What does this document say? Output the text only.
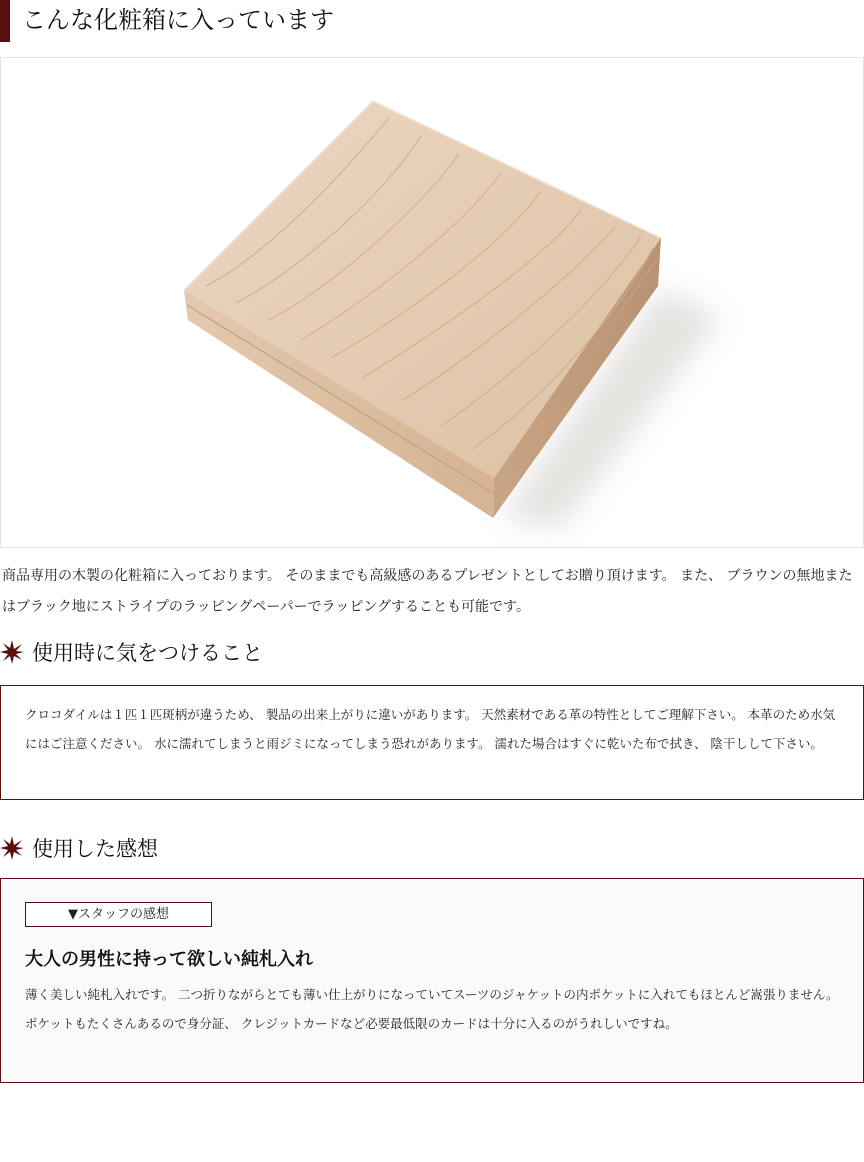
こんな化粧箱に入っています
商品専用の木製の化粧箱に入っております。 そのままでも高級感のあるプレゼントとしてお贈り頂けます。 また、 ブラウンの無地またはブラック地にストライプのラッピングペーパーでラッピングすることも可能です。
使用時に気をつけること
クロコダイルは１匹１匹斑柄が違うため、 製品の出来上がりに違いがあります。 天然素材である革の特性としてご理解下さい。 本革のため水気にはご注意ください。 水に濡れてしまうと雨ジミになってしまう恐れがあります。 濡れた場合はすぐに乾いた布で拭き、 陰干しして下さい。
使用した感想
▼スタッフの感想
大人の男性に持って欲しい純札入れ
薄く美しい純札入れです。 二つ折りながらとても薄い仕上がりになっていてスーツのジャケットの内ポケットに入れてもほとんど嵩張りません。 ポケットもたくさんあるので身分証、 クレジットカードなど必要最低限のカードは十分に入るのがうれしいですね。
